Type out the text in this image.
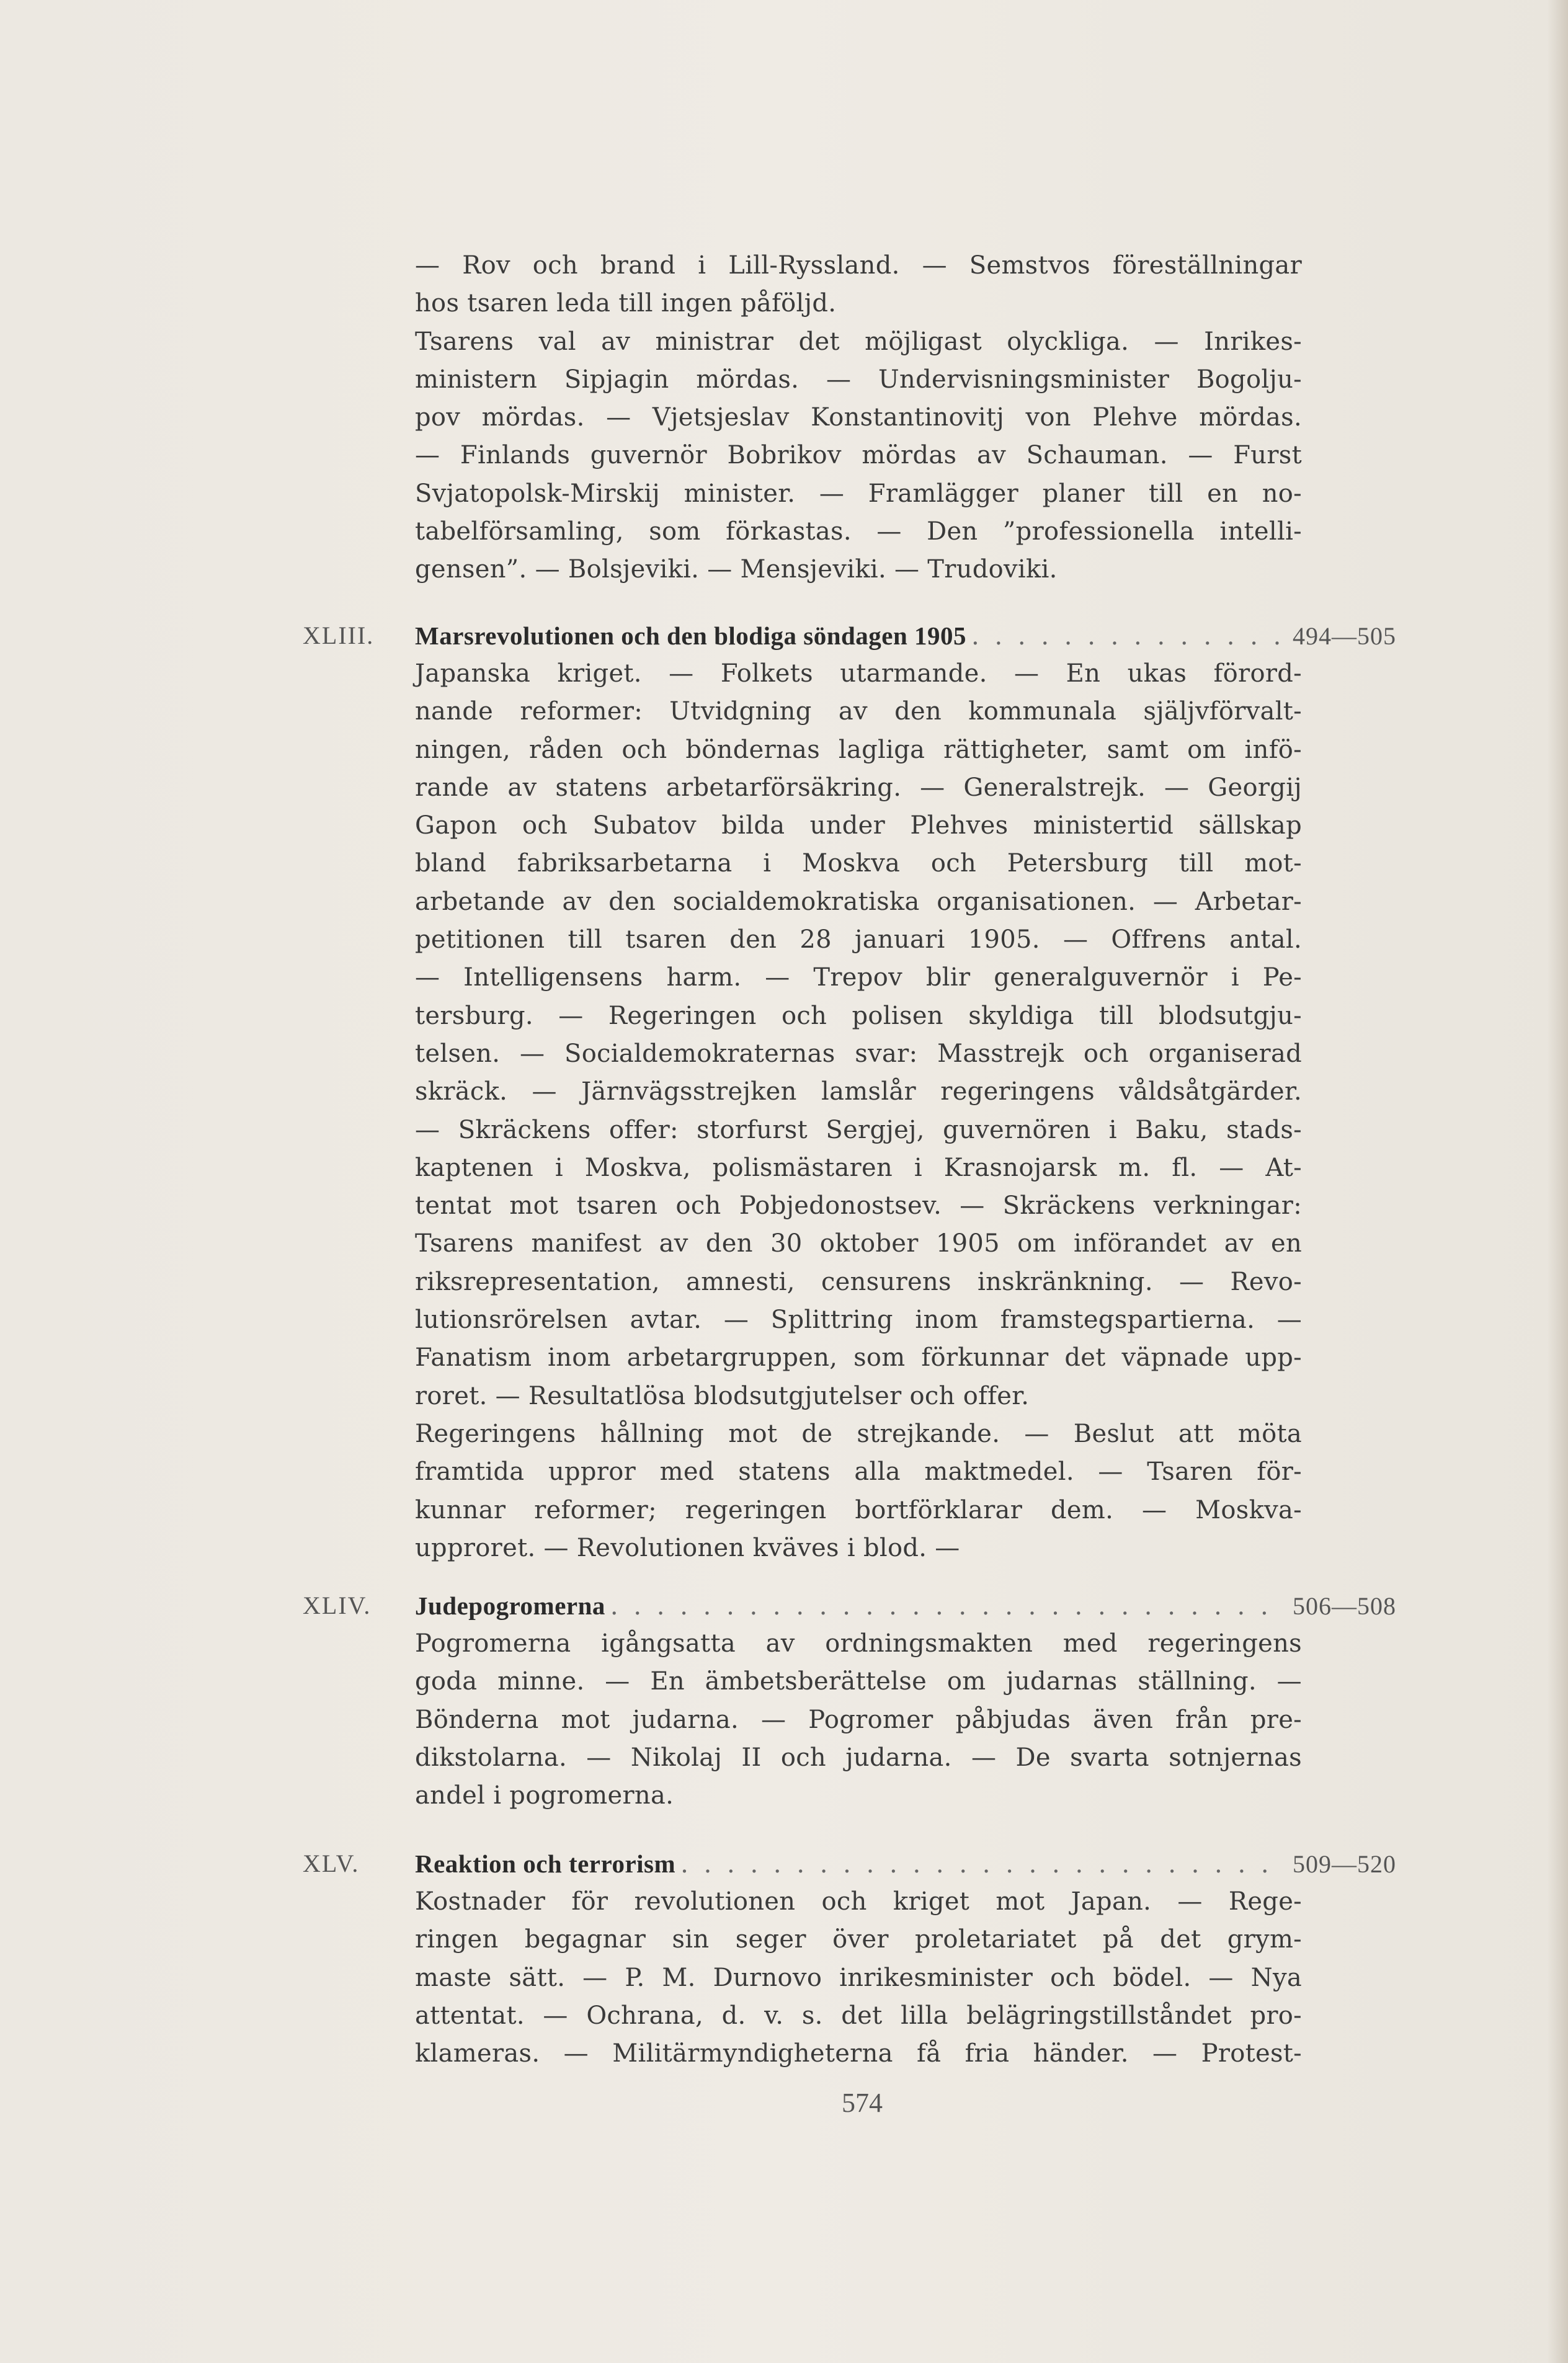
— Rov och brand i Lill-Ryssland. — Semstvos föreställningar
hos tsaren leda till ingen påföljd.
Tsarens val av ministrar det möjligast olyckliga. — Inrikes-
ministern Sipjagin mördas. — Undervisningsminister Bogolju-
pov mördas. — Vjetsjeslav Konstantinovitj von Plehve mördas.
— Finlands guvernör Bobrikov mördas av Schauman. — Furst
Svjatopolsk-Mirskij minister. — Framlägger planer till en no-
tabelförsamling, som förkastas. — Den ”professionella intelli-
gensen”. — Bolsjeviki. — Mensjeviki. — Trudoviki.
XLIII. Marsrevolutionen och den blodiga söndagen 1905 . . .	494—505
Japanska kriget. — Folkets utarmande. — En ukas förord-
nande reformer: Utvidgning av den kommunala själjvförvalt-
ningen, råden och böndernas lagliga rättigheter, samt om infö-
rande av statens arbetarförsäkring. — Generalstrejk. — Georgij
Gapon och Subatov bilda under Plehves ministertid sällskap
bland fabriksarbetarna i Moskva och Petersburg till mot-
arbetande av den socialdemokratiska organisationen. — Arbetar-
petitionen till tsaren den 28 januari 1905. — Offrens antal.
— Intelligensens harm. — Trepov blir generalguvernör i Pe-
tersburg. — Regeringen och polisen skyldiga till blodsutgju-
telsen. — Socialdemokraternas svar: Masstrejk och organiserad
skräck. — Järnvägsstrejken lamslår regeringens våldsåtgärder.
— Skräckens offer: storfurst Sergjej, guvernören i Baku, stads-
kaptenen i Moskva, polismästaren i Krasnojarsk m. fl. — At-
tentat mot tsaren och Pobjedonostsev. — Skräckens verkningar:
Tsarens manifest av den 30 oktober 1905 om införandet av en
riksrepresentation, amnesti, censurens inskränkning. — Revo-
lutionsrörelsen avtar. — Splittring inom framstegspartierna. —
Fanatism inom arbetargruppen, som förkunnar det väpnade upp-
roret. — Resultatlösa blodsutgjutelser och offer.
Regeringens hållning mot de strejkande. — Beslut att möta
framtida uppror med statens alla maktmedel. — Tsaren för-
kunnar reformer; regeringen bortförklarar dem. — Moskva-
upproret. — Revolutionen kväves i blod. —
XLIV. Judepogromerna . . .	506—508
Pogromerna igångsatta av ordningsmakten med regeringens
goda minne. — En ämbetsberättelse om judarnas ställning. —
Bönderna mot judarna. — Pogromer påbjudas även från pre-
dikstolarna. — Nikolaj II och judarna. — De svarta sotnjernas
andel i pogromerna.
XLV. Reaktion och terrorism . . .	509—520
Kostnader för revolutionen och kriget mot Japan. — Rege-
ringen begagnar sin seger över proletariatet på det grym-
maste sätt. — P. M. Durnovo inrikesminister och bödel. — Nya
attentat. — Ochrana, d. v. s. det lilla belägringstillståndet pro-
klameras. — Militärmyndigheterna få fria händer. — Protest-
574
